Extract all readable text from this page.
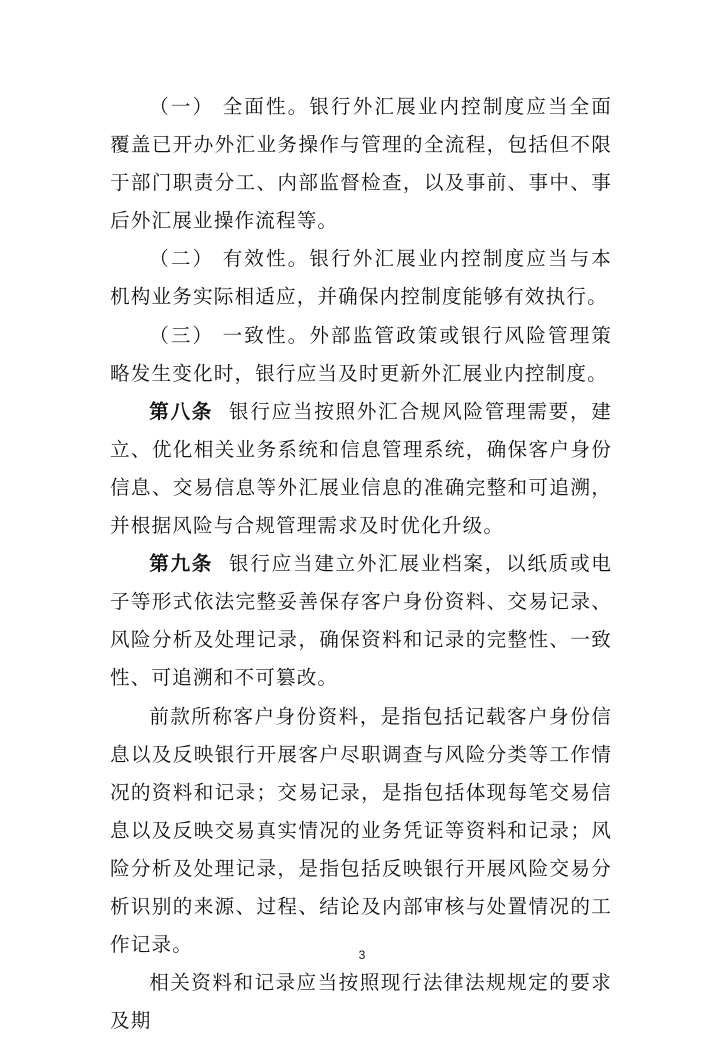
（一） 全面性。银行外汇展业内控制度应当全面覆盖已开办外汇业务操作与管理的全流程，包括但不限于部门职责分工、内部监督检查，以及事前、事中、事后外汇展业操作流程等。

（二） 有效性。银行外汇展业内控制度应当与本机构业务实际相适应，并确保内控制度能够有效执行。

（三） 一致性。外部监管政策或银行风险管理策略发生变化时，银行应当及时更新外汇展业内控制度。

第八条 银行应当按照外汇合规风险管理需要，建立、优化相关业务系统和信息管理系统，确保客户身份信息、交易信息等外汇展业信息的准确完整和可追溯，并根据风险与合规管理需求及时优化升级。

第九条 银行应当建立外汇展业档案，以纸质或电子等形式依法完整妥善保存客户身份资料、交易记录、风险分析及处理记录，确保资料和记录的完整性、一致性、可追溯和不可篡改。

前款所称客户身份资料，是指包括记载客户身份信息以及反映银行开展客户尽职调查与风险分类等工作情况的资料和记录；交易记录，是指包括体现每笔交易信息以及反映交易真实情况的业务凭证等资料和记录；风险分析及处理记录，是指包括反映银行开展风险交易分析识别的来源、过程、结论及内部审核与处置情况的工作记录。

相关资料和记录应当按照现行法律法规规定的要求及期

3
